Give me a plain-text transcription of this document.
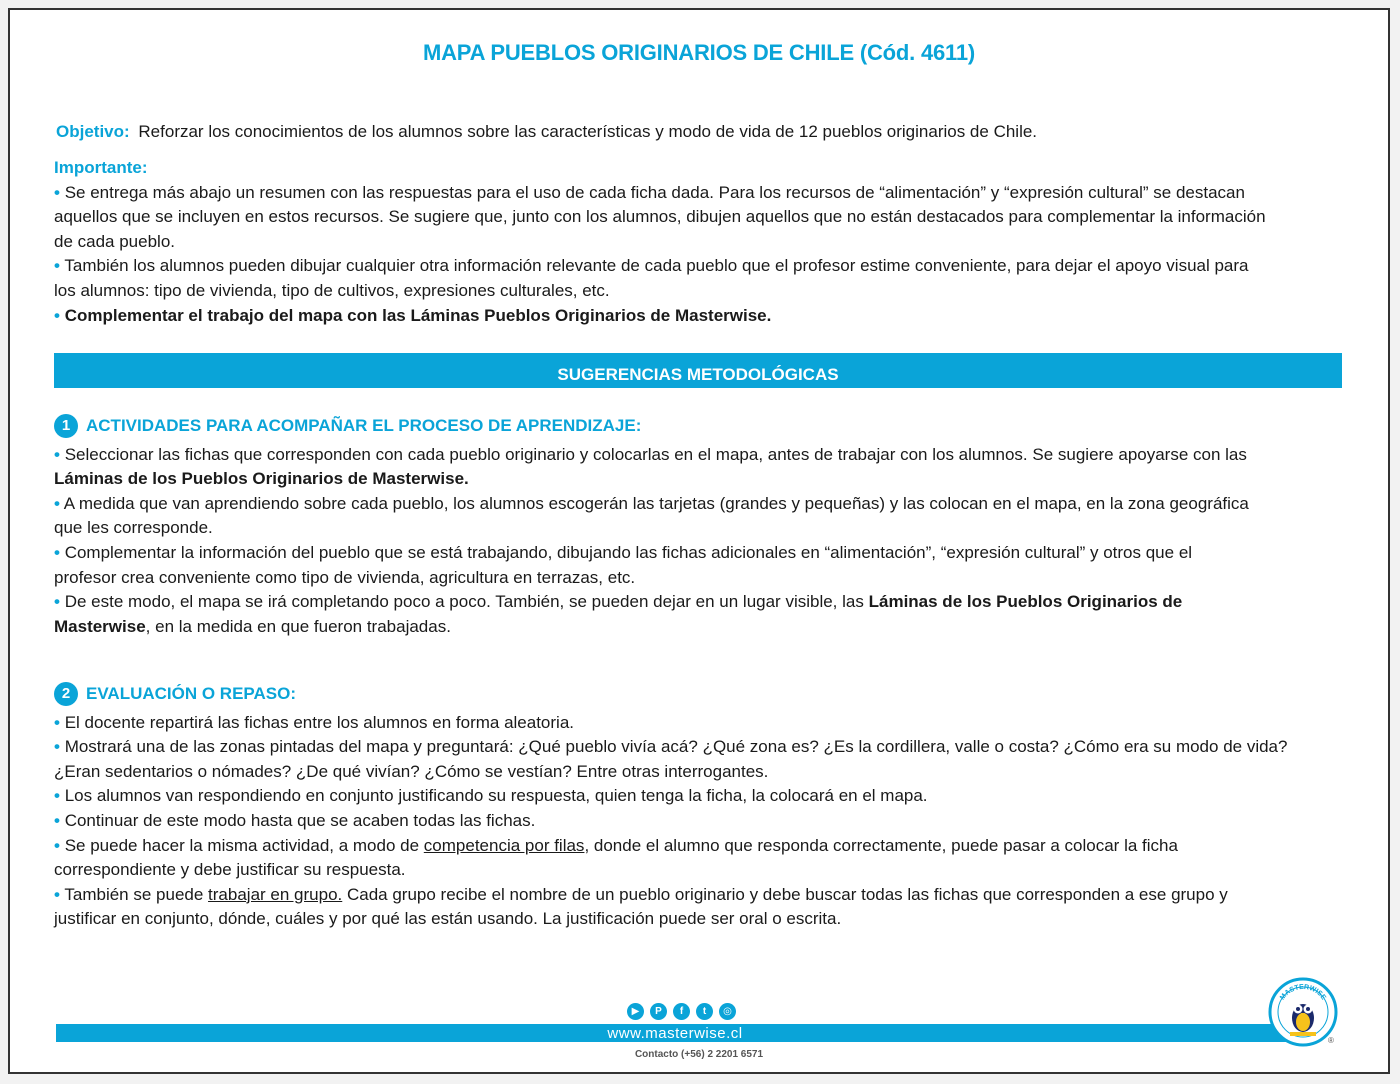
MAPA PUEBLOS ORIGINARIOS DE CHILE (Cód. 4611)
Objetivo: Reforzar los conocimientos de los alumnos sobre las características y modo de vida de 12 pueblos originarios de Chile.

Importante:

• Se entrega más abajo un resumen con las respuestas para el uso de cada ficha dada. Para los recursos de “alimentación” y “expresión cultural” se destacan

aquellos que se incluyen en estos recursos. Se sugiere que, junto con los alumnos, dibujen aquellos que no están destacados para complementar la información

de cada pueblo.

• También los alumnos pueden dibujar cualquier otra información relevante de cada pueblo que el profesor estime conveniente, para dejar el apoyo visual para

los alumnos: tipo de vivienda, tipo de cultivos, expresiones culturales, etc.

• Complementar el trabajo del mapa con las Láminas Pueblos Originarios de Masterwise.

SUGERENCIAS METODOLÓGICAS
1 ACTIVIDADES PARA ACOMPAÑAR EL PROCESO DE APRENDIZAJE:

• Seleccionar las fichas que corresponden con cada pueblo originario y colocarlas en el mapa, antes de trabajar con los alumnos. Se sugiere apoyarse con las

Láminas de los Pueblos Originarios de Masterwise.

• A medida que van aprendiendo sobre cada pueblo, los alumnos escogerán las tarjetas (grandes y pequeñas) y las colocan en el mapa, en la zona geográfica

que les corresponde.

• Complementar la información del pueblo que se está trabajando, dibujando las fichas adicionales en “alimentación”, “expresión cultural” y otros que el

profesor crea conveniente como tipo de vivienda, agricultura en terrazas, etc.

• De este modo, el mapa se irá completando poco a poco. También, se pueden dejar en un lugar visible, las Láminas de los Pueblos Originarios de

Masterwise, en la medida en que fueron trabajadas.

2 EVALUACIÓN O REPASO:

• El docente repartirá las fichas entre los alumnos en forma aleatoria.

• Mostrará una de las zonas pintadas del mapa y preguntará: ¿Qué pueblo vivía acá? ¿Qué zona es? ¿Es la cordillera, valle o costa? ¿Cómo era su modo de vida?

¿Eran sedentarios o nómades? ¿De qué vivían? ¿Cómo se vestían? Entre otras interrogantes.

• Los alumnos van respondiendo en conjunto justificando su respuesta, quien tenga la ficha, la colocará en el mapa.

• Continuar de este modo hasta que se acaben todas las fichas.

• Se puede hacer la misma actividad, a modo de competencia por filas, donde el alumno que responda correctamente, puede pasar a colocar la ficha

correspondiente y debe justificar su respuesta.

• También se puede trabajar en grupo. Cada grupo recibe el nombre de un pueblo originario y debe buscar todas las fichas que corresponden a ese grupo y

justificar en conjunto, dónde, cuáles y por qué las están usando. La justificación puede ser oral o escrita.

▶	P	f	t	◎
www.masterwise.cl
Contacto (+56) 2 2201 6571
MASTERWISE
®
